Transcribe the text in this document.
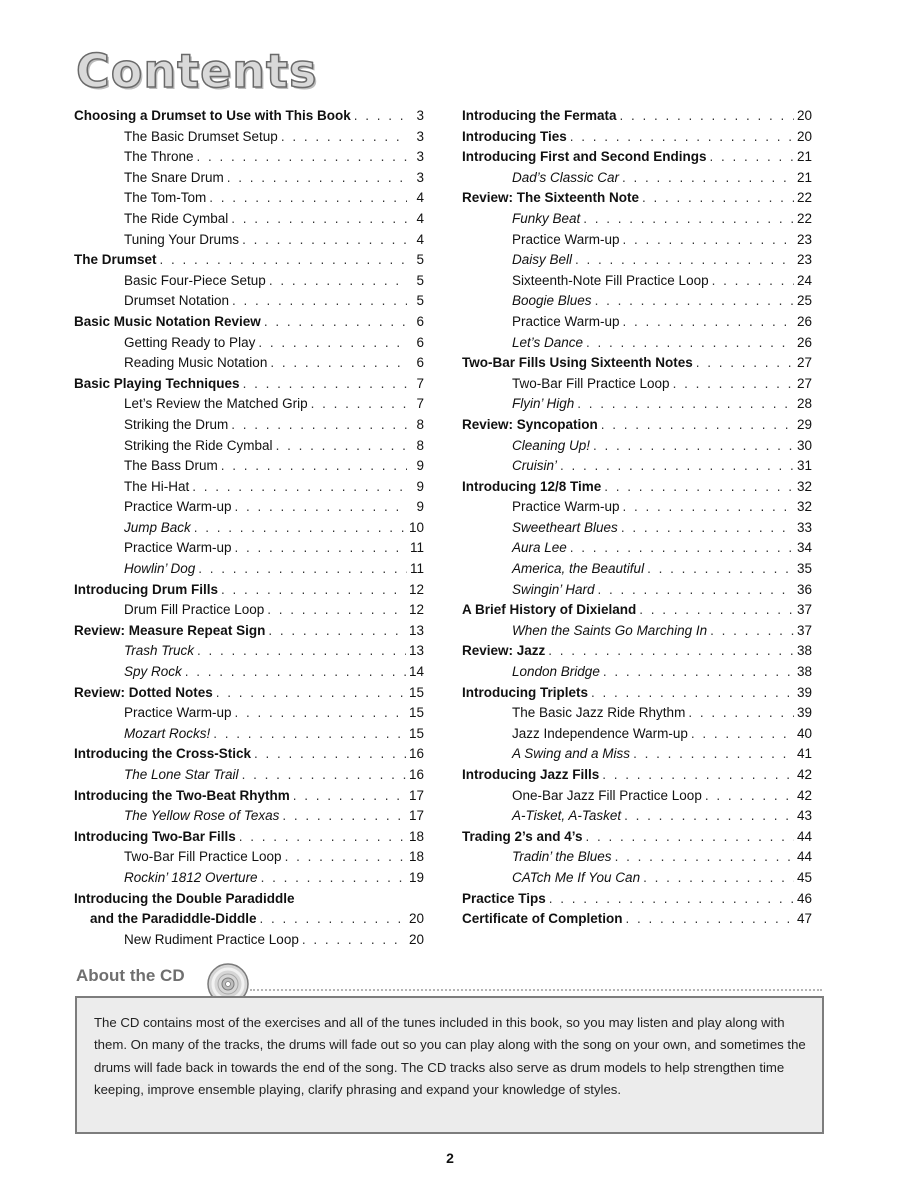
Contents
Choosing a Drumset to Use with This Book . . .	3
The Basic Drumset Setup . . .	3
The Throne . . .	3
The Snare Drum . . .	3
The Tom-Tom . . .	4
The Ride Cymbal . . .	4
Tuning Your Drums . . .	4
The Drumset . . .	5
Basic Four-Piece Setup . . .	5
Drumset Notation . . .	5
Basic Music Notation Review . . .	6
Getting Ready to Play . . .	6
Reading Music Notation . . .	6
Basic Playing Techniques . . .	7
Let’s Review the Matched Grip . . .	7
Striking the Drum . . .	8
Striking the Ride Cymbal . . .	8
The Bass Drum . . .	9
The Hi-Hat . . .	9
Practice Warm-up . . .	9
Jump Back . . .	10
Practice Warm-up . . .	11
Howlin’ Dog . . .	11
Introducing Drum Fills . . .	12
Drum Fill Practice Loop . . .	12
Review: Measure Repeat Sign . . .	13
Trash Truck . . .	13
Spy Rock . . .	14
Review: Dotted Notes . . .	15
Practice Warm-up . . .	15
Mozart Rocks! . . .	15
Introducing the Cross-Stick . . .	16
The Lone Star Trail . . .	16
Introducing the Two-Beat Rhythm . . .	17
The Yellow Rose of Texas . . .	17
Introducing Two-Bar Fills . . .	18
Two-Bar Fill Practice Loop . . .	18
Rockin’ 1812 Overture . . .	19
Introducing the Double Paradiddle
and the Paradiddle-Diddle . . .	20
New Rudiment Practice Loop . . .	20
Introducing the Fermata . . .	20
Introducing Ties . . .	20
Introducing First and Second Endings . . .	21
Dad’s Classic Car . . .	21
Review: The Sixteenth Note . . .	22
Funky Beat . . .	22
Practice Warm-up . . .	23
Daisy Bell . . .	23
Sixteenth-Note Fill Practice Loop . . .	24
Boogie Blues . . .	25
Practice Warm-up . . .	26
Let’s Dance . . .	26
Two-Bar Fills Using Sixteenth Notes . . .	27
Two-Bar Fill Practice Loop . . .	27
Flyin’ High . . .	28
Review: Syncopation . . .	29
Cleaning Up! . . .	30
Cruisin’ . . .	31
Introducing 12/8 Time . . .	32
Practice Warm-up . . .	32
Sweetheart Blues . . .	33
Aura Lee . . .	34
America, the Beautiful . . .	35
Swingin’ Hard . . .	36
A Brief History of Dixieland . . .	37
When the Saints Go Marching In . . .	37
Review: Jazz . . .	38
London Bridge . . .	38
Introducing Triplets . . .	39
The Basic Jazz Ride Rhythm . . .	39
Jazz Independence Warm-up . . .	40
A Swing and a Miss . . .	41
Introducing Jazz Fills . . .	42
One-Bar Jazz Fill Practice Loop . . .	42
A-Tisket, A-Tasket . . .	43
Trading 2’s and 4’s . . .	44
Tradin’ the Blues . . .	44
CATch Me If You Can . . .	45
Practice Tips . . .	46
Certificate of Completion . . .	47
About the CD
The CD contains most of the exercises and all of the tunes included in this book, so you may listen and play along with them. On many of the tracks, the drums will fade out so you can play along with the song on your own, and sometimes the drums will fade back in towards the end of the song. The CD tracks also serve as drum models to help strengthen time keeping, improve ensemble playing, clarify phrasing and expand your knowledge of styles.
2
